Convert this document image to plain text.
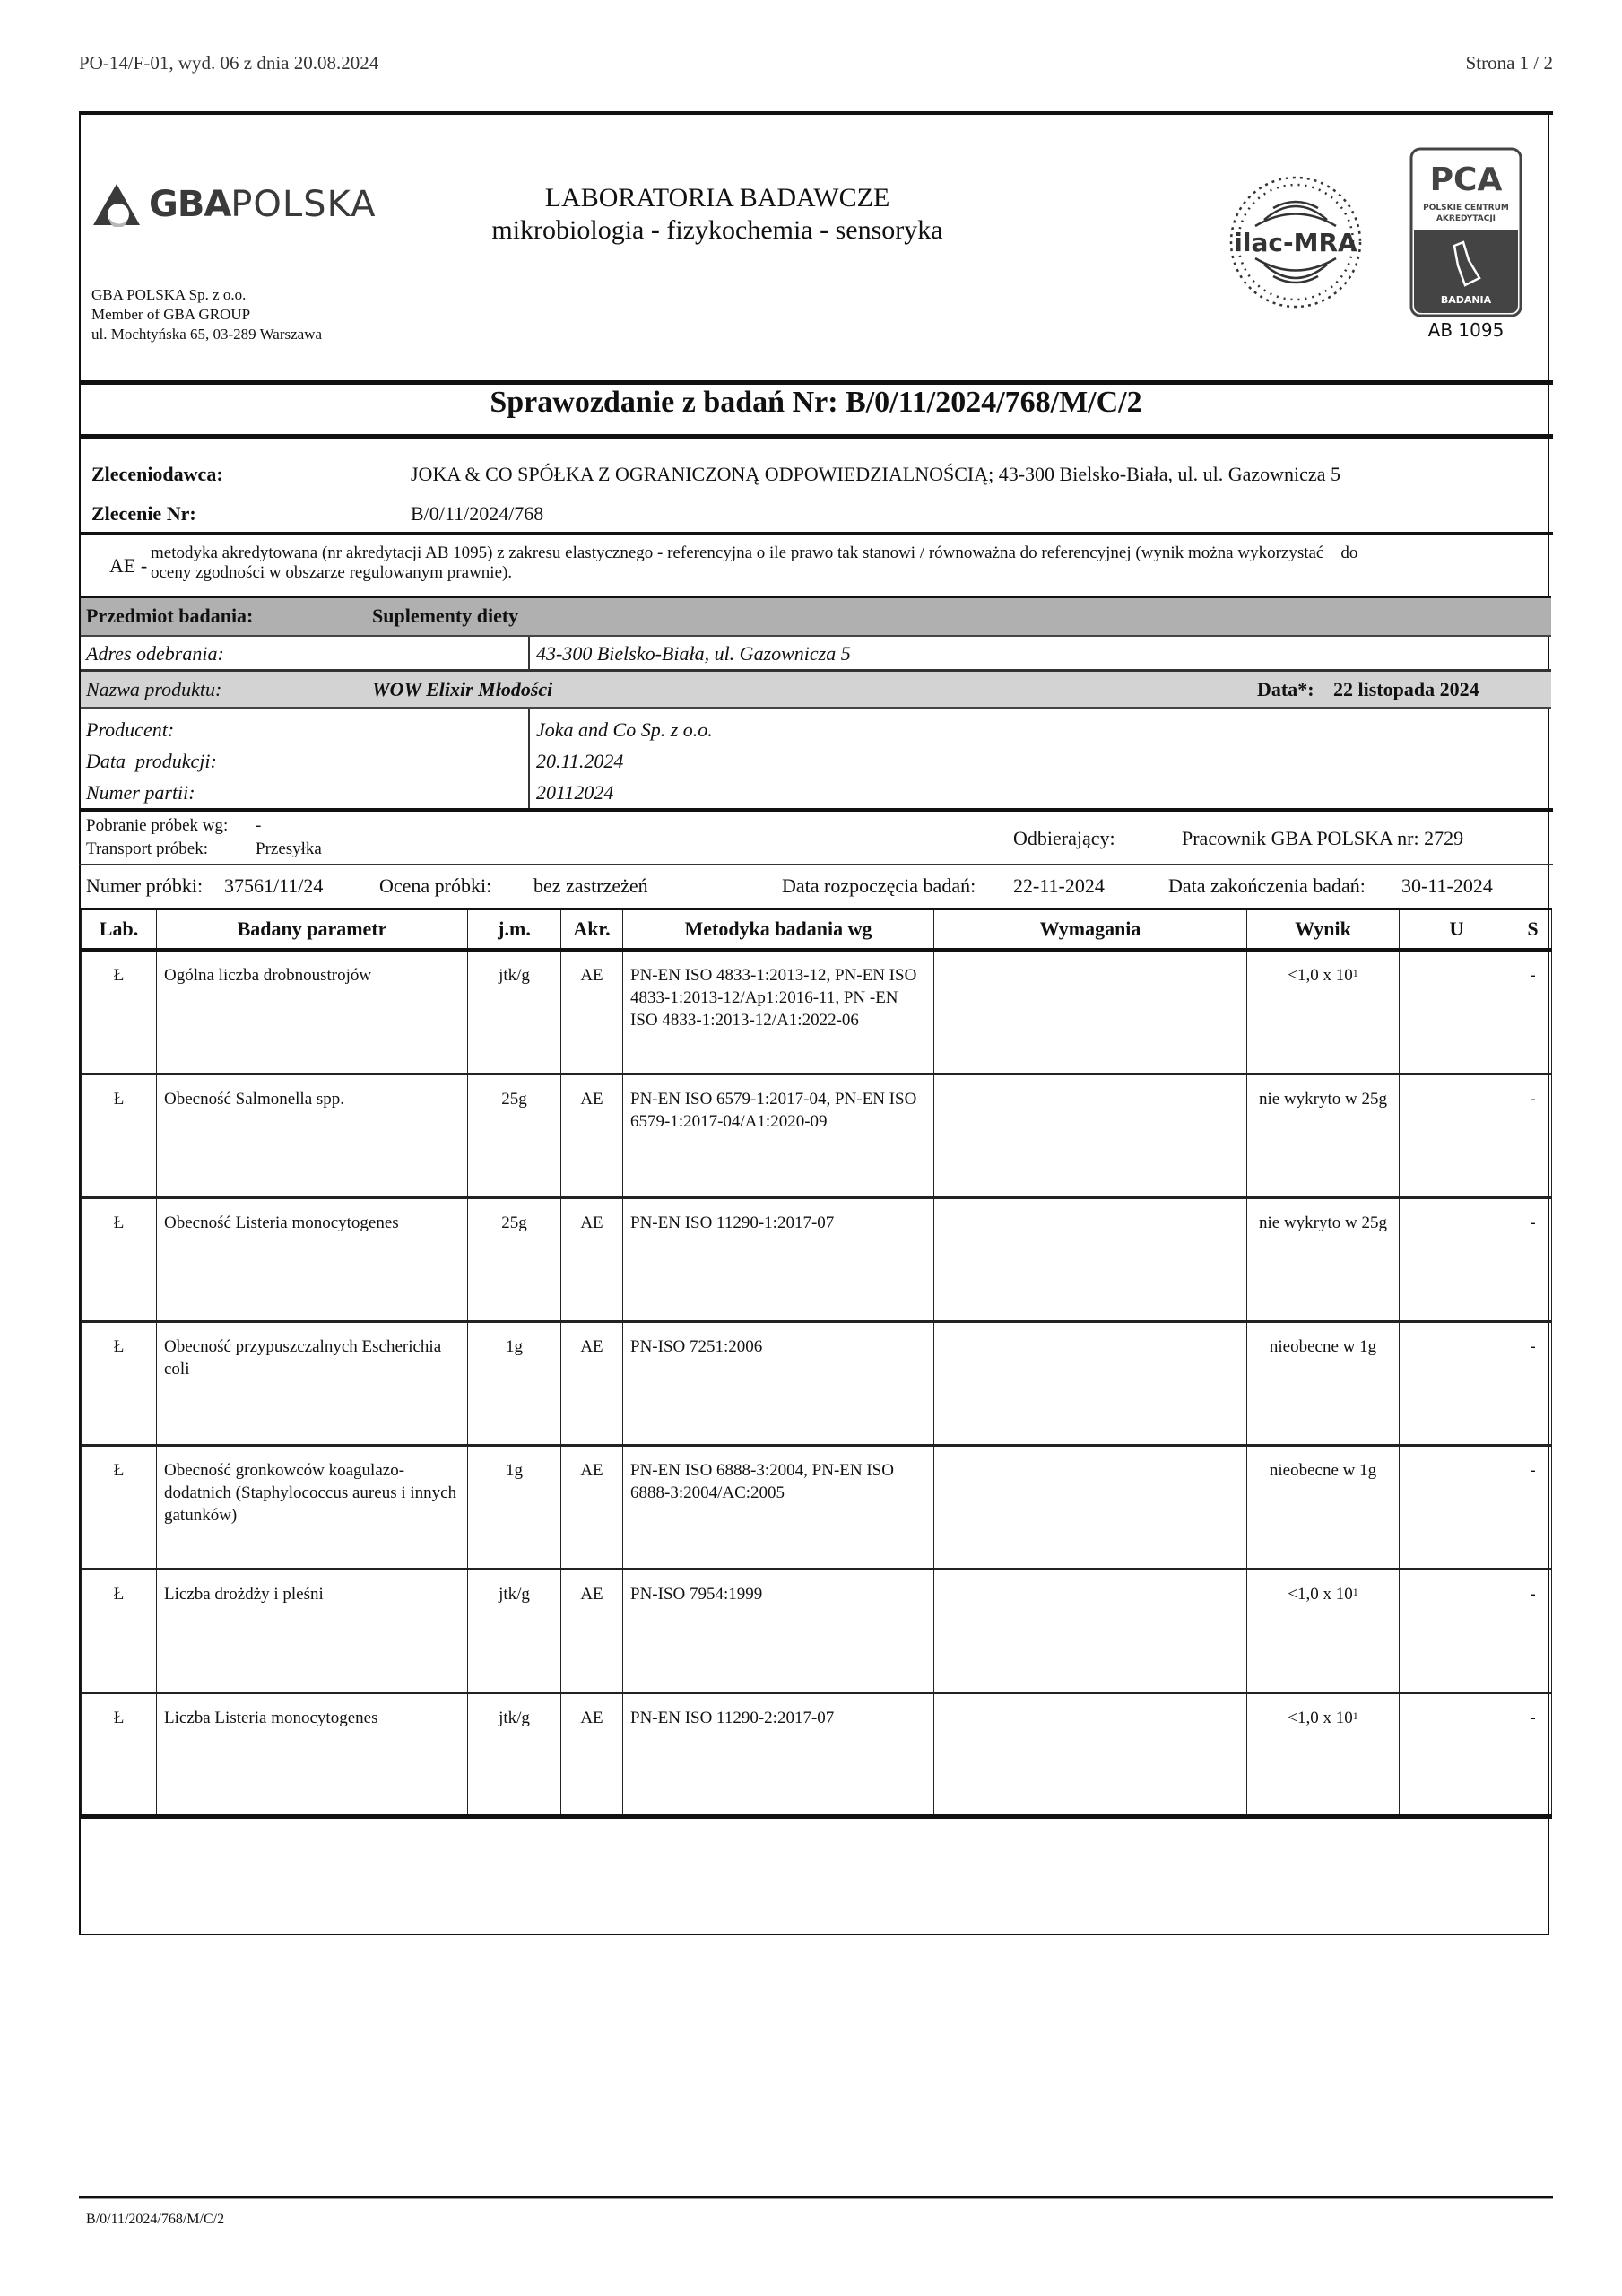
PO-14/F-01, wyd. 06 z dnia 20.08.2024	Strona 1 / 2
GBA POLSKA	LABORATORIA BADAWCZE
mikrobiologia - fizykochemia - sensoryka
GBA POLSKA Sp. z o.o.
Member of GBA GROUP
ul. Mochtyńska 65, 03-289 Warszawa
ilac-MRA
PCA
POLSKIE CENTRUM
AKREDYTACJI
BADANIA
AB 1095
Sprawozdanie z badań Nr: B/0/11/2024/768/M/C/2
Zleceniodawca:	JOKA & CO SPÓŁKA Z OGRANICZONĄ ODPOWIEDZIALNOŚCIĄ; 43-300 Bielsko-Biała, ul. ul. Gazownicza 5
Zlecenie Nr:	B/0/11/2024/768
AE -
metodyka akredytowana (nr akredytacji AB 1095) z zakresu elastycznego - referencyjna o ile prawo tak stanowi / równoważna do referencyjnej (wynik można wykorzystać    do
oceny zgodności w obszarze regulowanym prawnie).
Przedmiot badania:	Suplementy diety
Adres odebrania:	43-300 Bielsko-Biała, ul. Gazownicza 5
Nazwa produktu:	WOW Elixir Młodości	Data*: 22 listopada 2024
Producent:	Joka and Co Sp. z o.o.
Data  produkcji:	20.11.2024
Numer partii:	20112024
Pobranie próbek wg: -
Transport próbek:	Przesyłka	Odbierający:	Pracownik GBA POLSKA nr: 2729
Numer próbki: 37561/11/24	Ocena próbki: bez zastrzeżeń	Data rozpoczęcia badań: 22-11-2024	Data zakończenia badań: 30-11-2024
Lab.	Badany parametr	j.m.	Akr.	Metodyka badania wg	Wymagania	Wynik	U	S
Ł	Ogólna liczba drobnoustrojów	jtk/g	AE	PN-EN ISO 4833-1:2013-12, PN-EN ISO 4833-1:2013-12/Ap1:2016-11, PN -EN ISO 4833-1:2013-12/A1:2022-06		<1,0 x $10^1$		-
Ł	Obecność Salmonella spp.	25g	AE	PN-EN ISO 6579-1:2017-04, PN-EN ISO 6579-1:2017-04/A1:2020-09		nie wykryto w 25g		-
Ł	Obecność Listeria monocytogenes	25g	AE	PN-EN ISO 11290-1:2017-07		nie wykryto w 25g		-
Ł	Obecność przypuszczalnych Escherichia coli	1g	AE	PN-ISO 7251:2006		nieobecne w 1g		-
Ł	Obecność gronkowców koagulazo-dodatnich (Staphylococcus aureus i innych gatunków)	1g	AE	PN-EN ISO 6888-3:2004, PN-EN ISO 6888-3:2004/AC:2005		nieobecne w 1g		-
Ł	Liczba drożdży i pleśni	jtk/g	AE	PN-ISO 7954:1999		<1,0 x $10^1$		-
Ł	Liczba Listeria monocytogenes	jtk/g	AE	PN-EN ISO 11290-2:2017-07		<1,0 x $10^1$		-
B/0/11/2024/768/M/C/2
